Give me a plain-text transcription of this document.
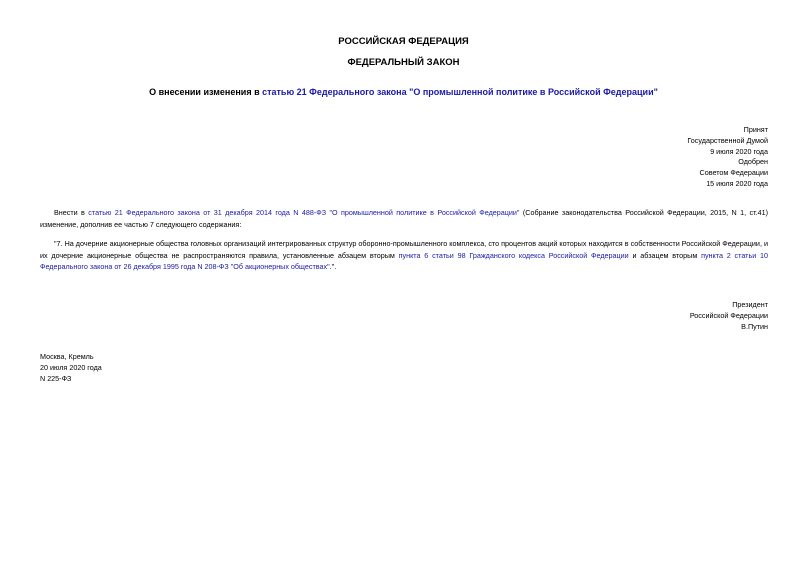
РОССИЙСКАЯ ФЕДЕРАЦИЯ
ФЕДЕРАЛЬНЫЙ ЗАКОН
О внесении изменения в статью 21 Федерального закона "О промышленной политике в Российской Федерации"
Принят
Государственной Думой
9 июля 2020 года
Одобрен
Советом Федерации
15 июля 2020 года
Внести в статью 21 Федерального закона от 31 декабря 2014 года N 488-ФЗ "О промышленной политике в Российской Федерации" (Собрание законодательства Российской Федерации, 2015, N 1, ст.41) изменение, дополнив ее частью 7 следующего содержания:
"7. На дочерние акционерные общества головных организаций интегрированных структур оборонно-промышленного комплекса, сто процентов акций которых находится в собственности Российской Федерации, и их дочерние акционерные общества не распространяются правила, установленные абзацем вторым пункта 6 статьи 98 Гражданского кодекса Российской Федерации и абзацем вторым пункта 2 статьи 10 Федерального закона от 26 декабря 1995 года N 208-ФЗ "Об акционерных обществах".".
Президент
Российской Федерации
В.Путин
Москва, Кремль
20 июля 2020 года
N 225-ФЗ
